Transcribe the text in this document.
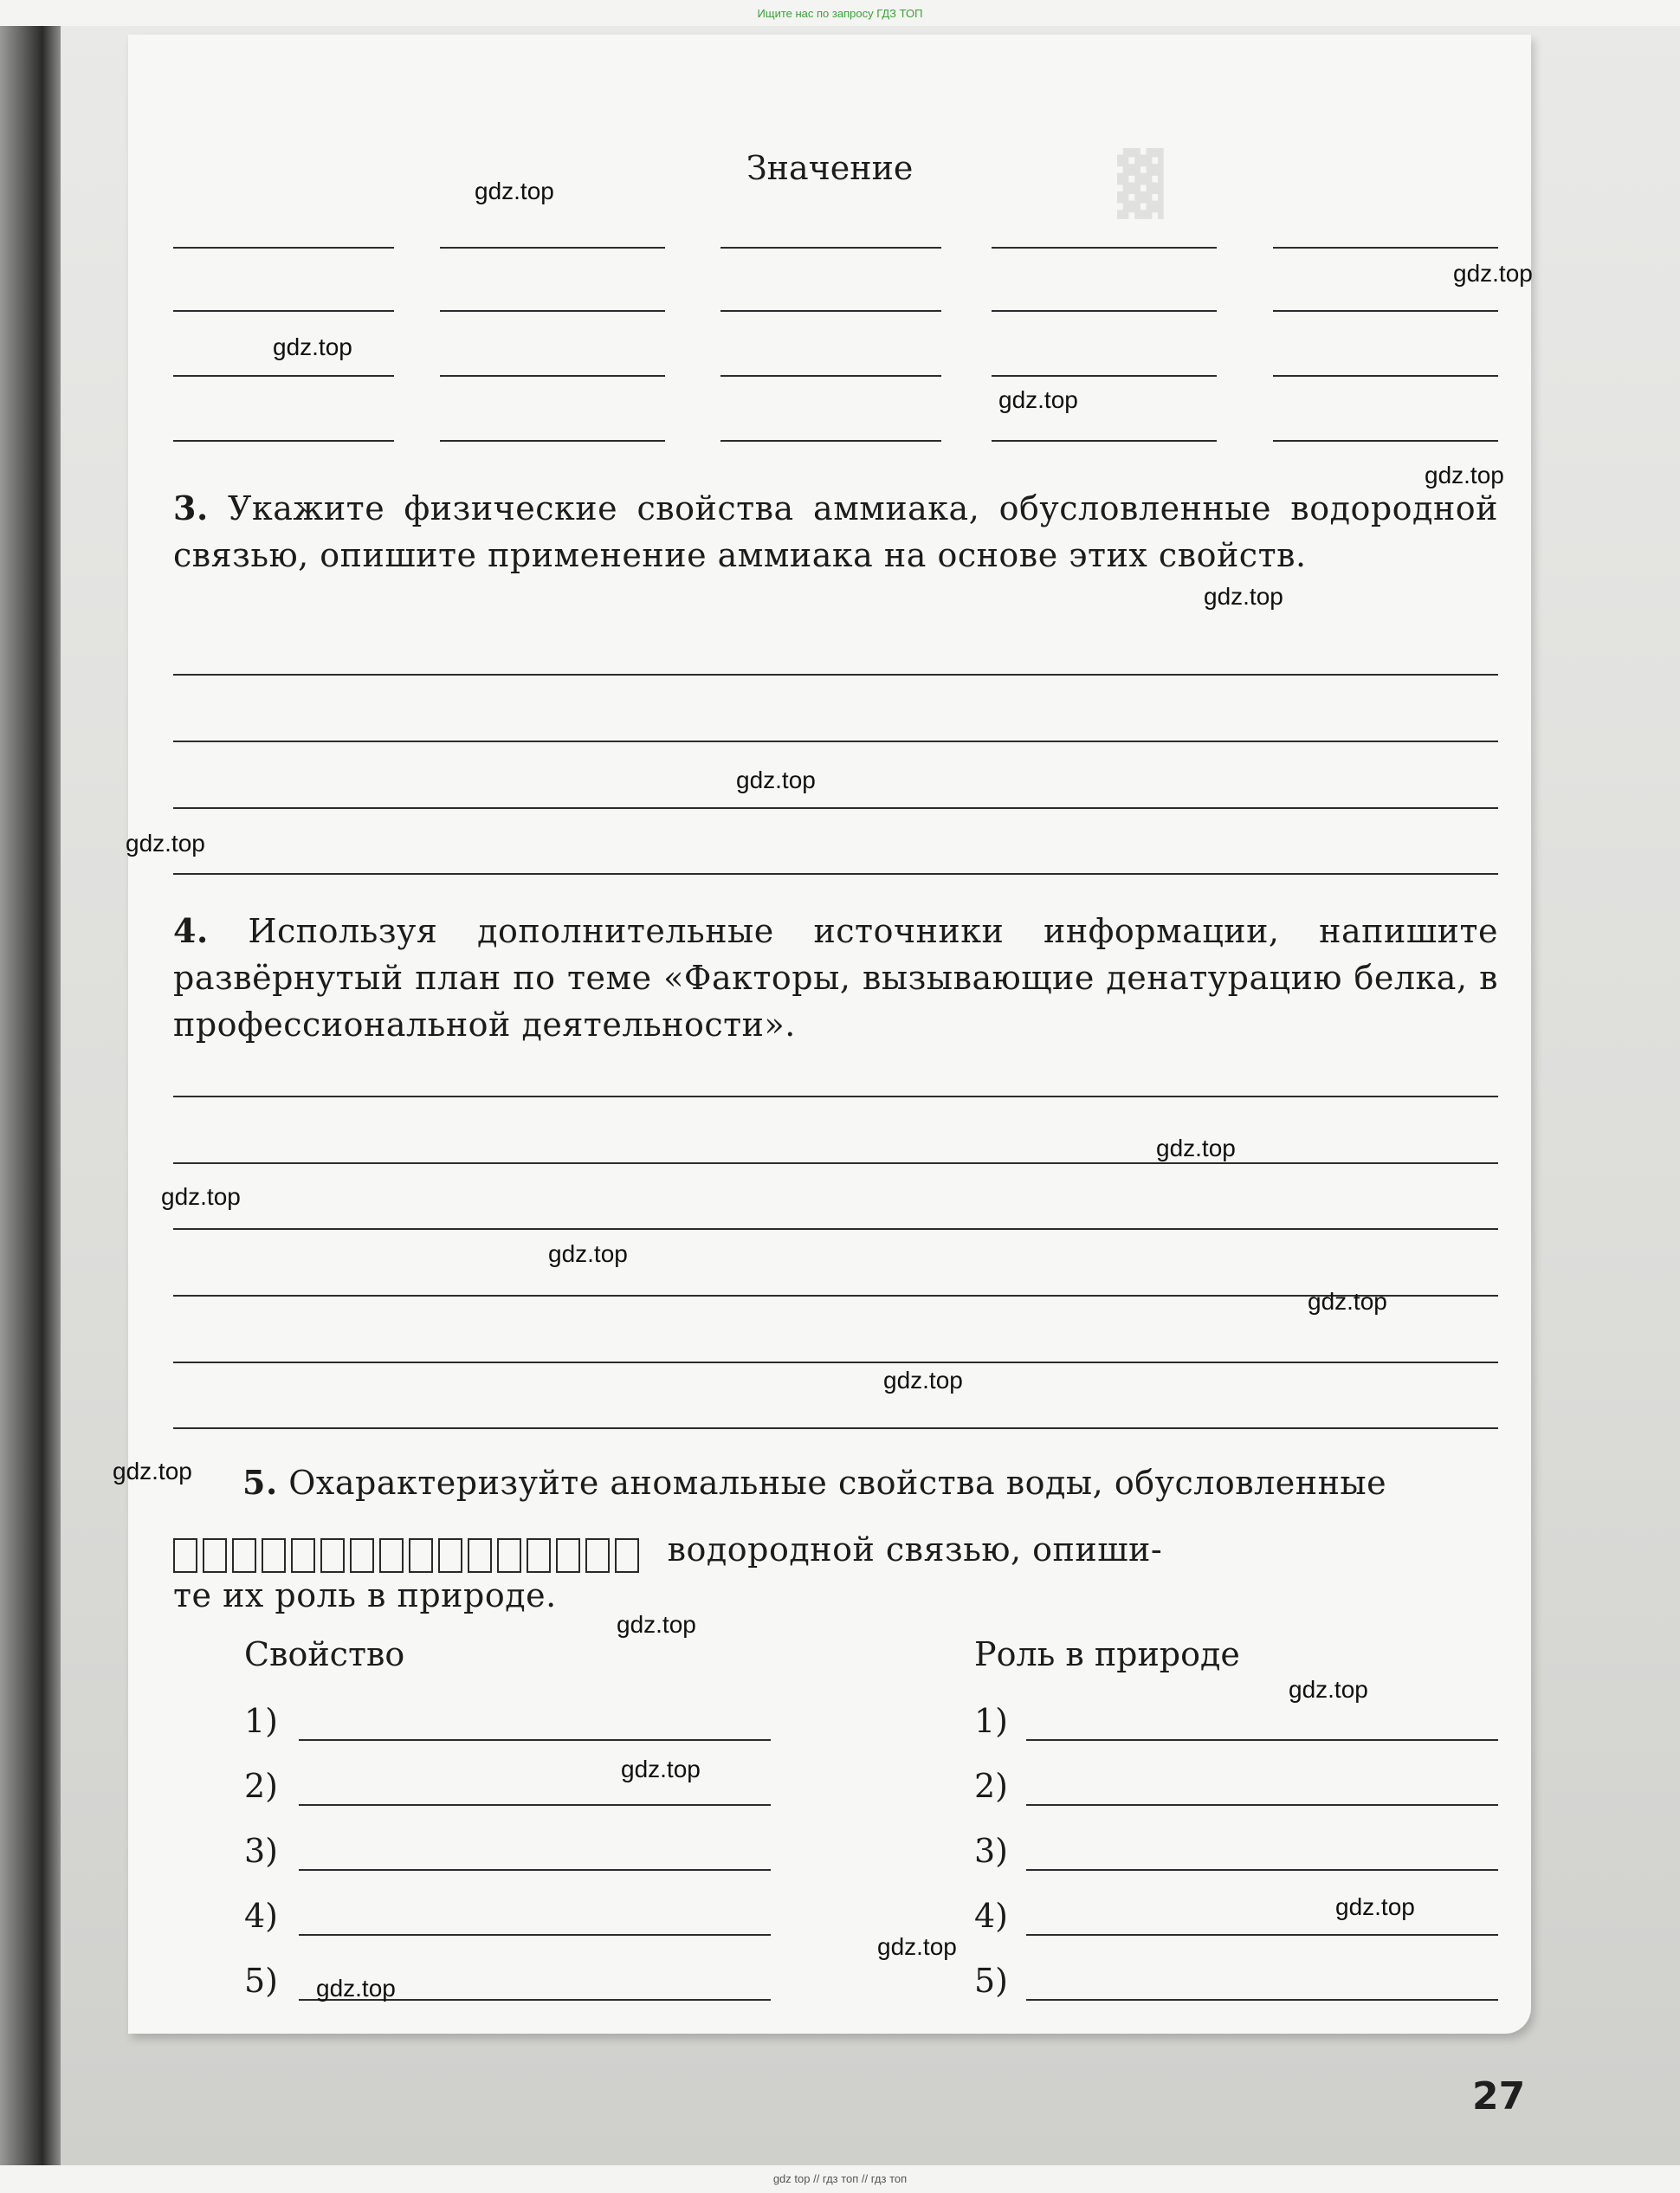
Ищите нас по запросу ГДЗ ТОП
▓
Значение
3. Укажите физические свойства аммиака, обусловленные водородной связью, опишите применение аммиака на основе этих свойств.
4. Используя дополнительные источники информации, напишите развёрнутый план по теме «Факторы, вызывающие денатурацию белка, в профессиональной деятельности».
5. Охарактеризуйте аномальные свойства воды, обусловленные
водородной связью, опиши-
те их роль в природе.
Свойство	Роль в природе
1)
2)
3)
4)
5)
1)
2)
3)
4)
5)
27
gdz.top
gdz.top
gdz.top
gdz.top
gdz.top
gdz.top
gdz.top
gdz.top
gdz.top
gdz.top
gdz.top
gdz.top
gdz.top
gdz.top
gdz.top
gdz.top
gdz.top
gdz.top
gdz.top
gdz.top
gdz top // гдз топ // гдз топ
